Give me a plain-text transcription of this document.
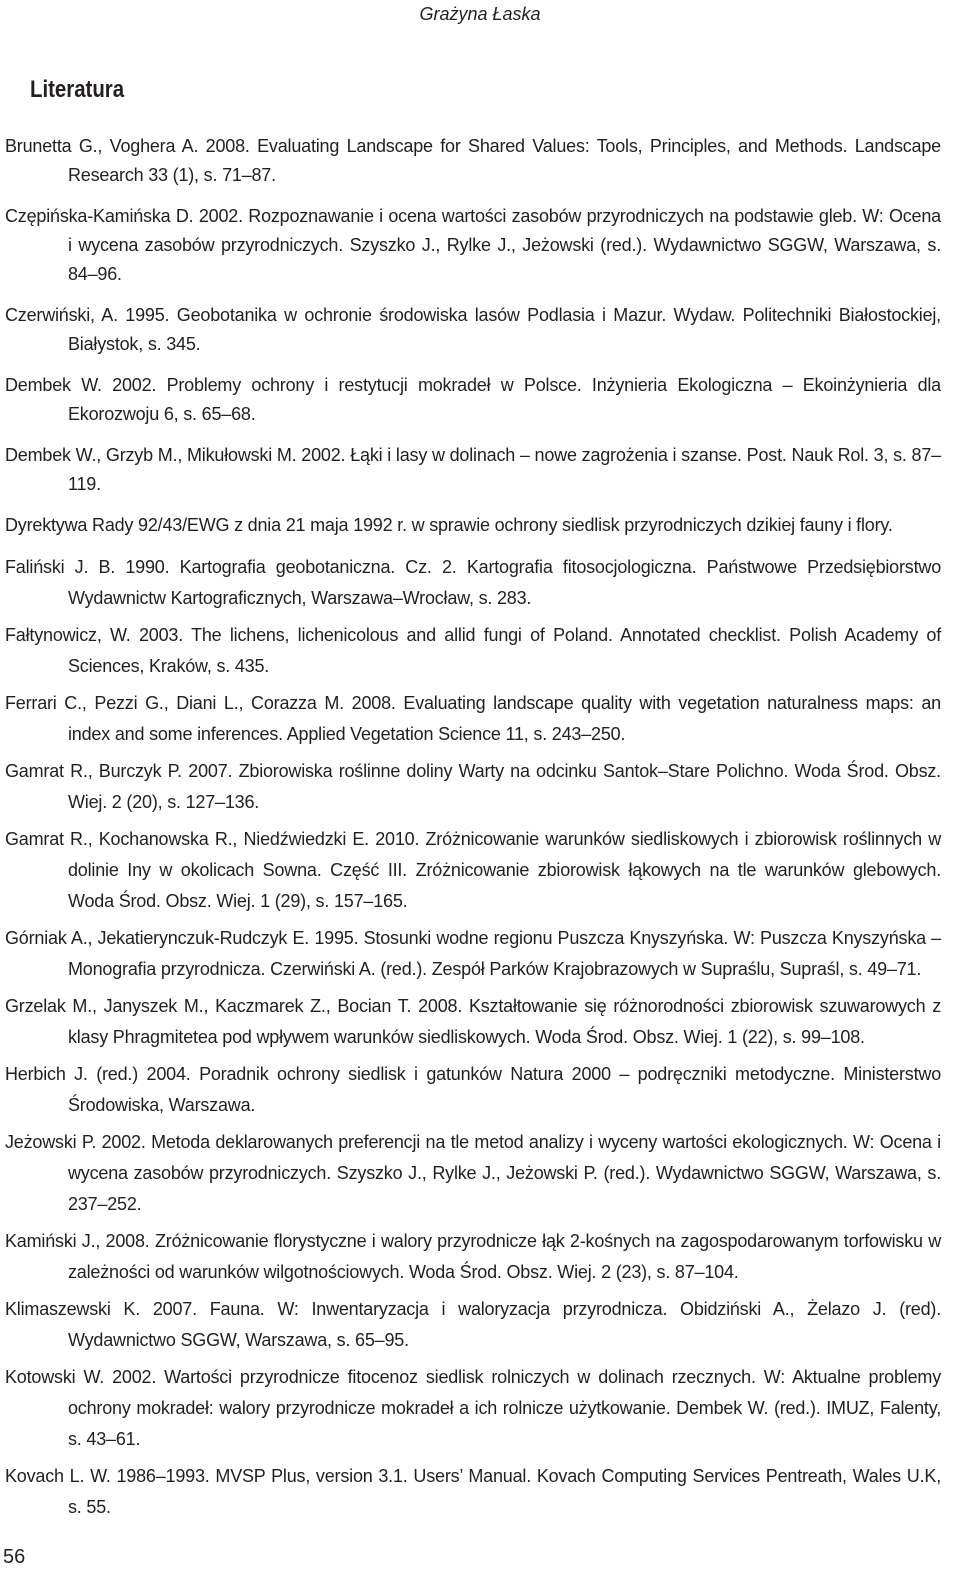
Grażyna Łaska
Literatura
Brunetta G., Voghera A. 2008. Evaluating Landscape for Shared Values: Tools, Principles, and Methods. Landscape Research 33 (1), s. 71–87.
Czępińska-Kamińska D. 2002. Rozpoznawanie i ocena wartości zasobów przyrodniczych na podstawie gleb. W: Ocena i wycena zasobów przyrodniczych. Szyszko J., Rylke J., Jeżowski (red.). Wydawnictwo SGGW, Warszawa, s. 84–96.
Czerwiński, A. 1995. Geobotanika w ochronie środowiska lasów Podlasia i Mazur. Wydaw. Politechniki Białostockiej, Białystok, s. 345.
Dembek W. 2002. Problemy ochrony i restytucji mokradeł w Polsce. Inżynieria Ekologiczna – Ekoinżynieria dla Ekorozwoju 6, s. 65–68.
Dembek W., Grzyb M., Mikułowski M. 2002. Łąki i lasy w dolinach – nowe zagrożenia i szanse. Post. Nauk Rol. 3, s. 87–119.
Dyrektywa Rady 92/43/EWG z dnia 21 maja 1992 r. w sprawie ochrony siedlisk przyrodniczych dzikiej fauny i flory.
Faliński J. B. 1990. Kartografia geobotaniczna. Cz. 2. Kartografia fitosocjologiczna. Państwowe Przedsiębiorstwo Wydawnictw Kartograficznych, Warszawa–Wrocław, s. 283.
Fałtynowicz, W. 2003. The lichens, lichenicolous and allid fungi of Poland. Annotated checklist. Polish Academy of Sciences, Kraków, s. 435.
Ferrari C., Pezzi G., Diani L., Corazza M. 2008. Evaluating landscape quality with vegetation naturalness maps: an index and some inferences. Applied Vegetation Science 11, s. 243–250.
Gamrat R., Burczyk P. 2007. Zbiorowiska roślinne doliny Warty na odcinku Santok–Stare Polichno. Woda Środ. Obsz. Wiej. 2 (20), s. 127–136.
Gamrat R., Kochanowska R., Niedźwiedzki E. 2010. Zróżnicowanie warunków siedliskowych i zbiorowisk roślinnych w dolinie Iny w okolicach Sowna. Część III. Zróżnicowanie zbiorowisk łąkowych na tle warunków glebowych. Woda Środ. Obsz. Wiej. 1 (29), s. 157–165.
Górniak A., Jekatierynczuk-Rudczyk E. 1995. Stosunki wodne regionu Puszcza Knyszyńska. W: Puszcza Knyszyńska – Monografia przyrodnicza. Czerwiński A. (red.). Zespół Parków Krajobrazowych w Supraślu, Supraśl, s. 49–71.
Grzelak M., Janyszek M., Kaczmarek Z., Bocian T. 2008. Kształtowanie się różnorodności zbiorowisk szuwarowych z klasy Phragmitetea pod wpływem warunków siedliskowych. Woda Środ. Obsz. Wiej. 1 (22), s. 99–108.
Herbich J. (red.) 2004. Poradnik ochrony siedlisk i gatunków Natura 2000 – podręczniki metodyczne. Ministerstwo Środowiska, Warszawa.
Jeżowski P. 2002. Metoda deklarowanych preferencji na tle metod analizy i wyceny wartości ekologicznych. W: Ocena i wycena zasobów przyrodniczych. Szyszko J., Rylke J., Jeżowski P. (red.). Wydawnictwo SGGW, Warszawa, s. 237–252.
Kamiński J., 2008. Zróżnicowanie florystyczne i walory przyrodnicze łąk 2-kośnych na zagospodarowanym torfowisku w zależności od warunków wilgotnościowych. Woda Środ. Obsz. Wiej. 2 (23), s. 87–104.
Klimaszewski K. 2007. Fauna. W: Inwentaryzacja i waloryzacja przyrodnicza. Obidziński A., Żelazo J. (red). Wydawnictwo SGGW, Warszawa, s. 65–95.
Kotowski W. 2002. Wartości przyrodnicze fitocenoz siedlisk rolniczych w dolinach rzecznych. W: Aktualne problemy ochrony mokradeł: walory przyrodnicze mokradeł a ich rolnicze użytkowanie. Dembek W. (red.). IMUZ, Falenty, s. 43–61.
Kovach L. W. 1986–1993. MVSP Plus, version 3.1. Users’ Manual. Kovach Computing Services Pentreath, Wales U.K, s. 55.
56
